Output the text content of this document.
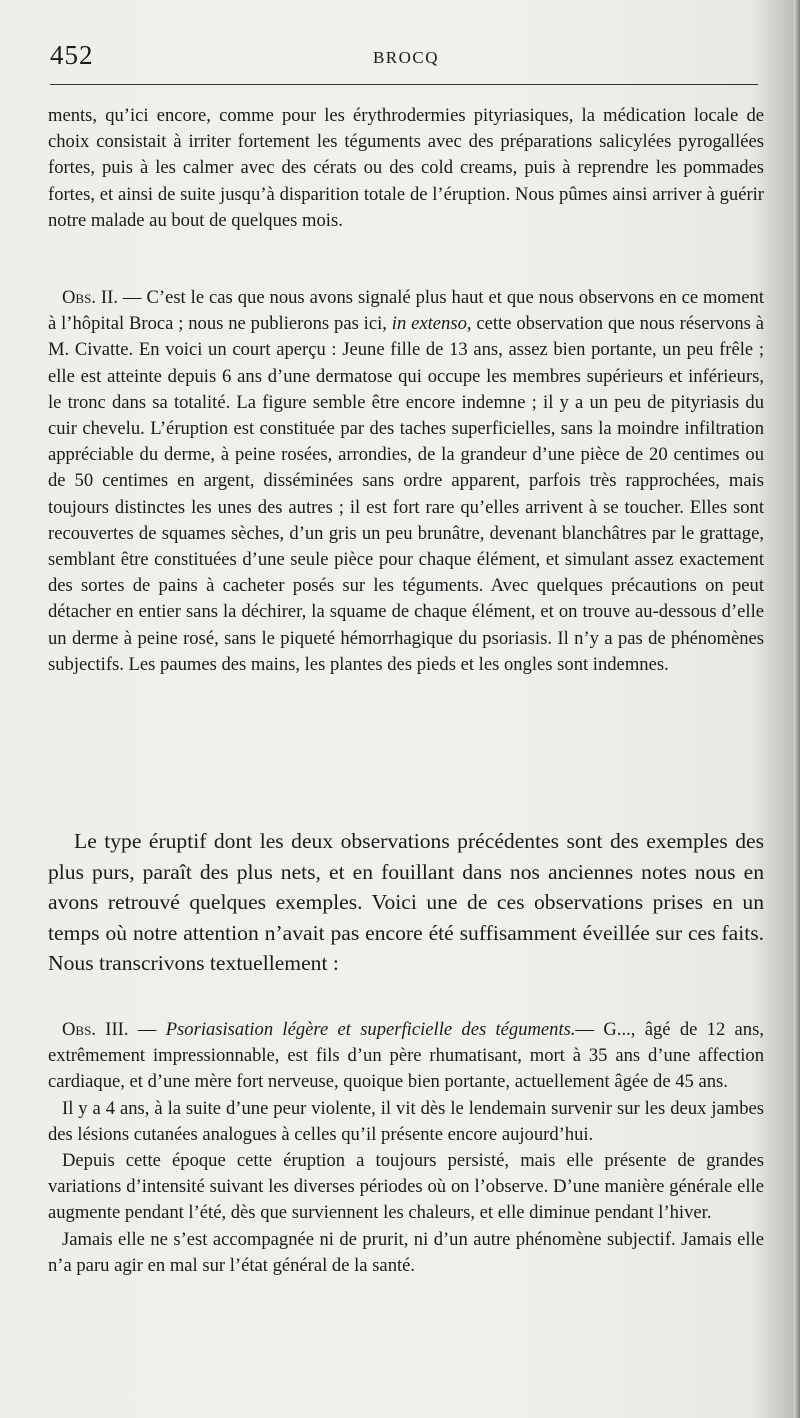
452	BROCQ

ments, qu’ici encore, comme pour les érythrodermies pityriasiques, la médication locale de choix consistait à irriter fortement les téguments avec des préparations salicylées pyrogallées fortes, puis à les calmer avec des cérats ou des cold creams, puis à reprendre les pommades fortes, et ainsi de suite jusqu’à disparition totale de l’éruption. Nous pûmes ainsi arriver à guérir notre malade au bout de quelques mois.

Obs. II. — C’est le cas que nous avons signalé plus haut et que nous observons en ce moment à l’hôpital Broca ; nous ne publierons pas ici, in extenso, cette observation que nous réservons à M. Civatte. En voici un court aperçu : Jeune fille de 13 ans, assez bien portante, un peu frêle ; elle est atteinte depuis 6 ans d’une dermatose qui occupe les membres supérieurs et inférieurs, le tronc dans sa totalité. La figure semble être encore indemne ; il y a un peu de pityriasis du cuir chevelu. L’éruption est constituée par des taches superficielles, sans la moindre infiltration appréciable du derme, à peine rosées, arrondies, de la grandeur d’une pièce de 20 centimes ou de 50 centimes en argent, disséminées sans ordre apparent, parfois très rapprochées, mais toujours distinctes les unes des autres ; il est fort rare qu’elles arrivent à se toucher. Elles sont recouvertes de squames sèches, d’un gris un peu brunâtre, devenant blanchâtres par le grattage, semblant être constituées d’une seule pièce pour chaque élément, et simulant assez exactement des sortes de pains à cacheter posés sur les téguments. Avec quelques précautions on peut détacher en entier sans la déchirer, la squame de chaque élément, et on trouve au-dessous d’elle un derme à peine rosé, sans le piqueté hémorrhagique du psoriasis. Il n’y a pas de phénomènes subjectifs. Les paumes des mains, les plantes des pieds et les ongles sont indemnes.

Le type éruptif dont les deux observations précédentes sont des exemples des plus purs, paraît des plus nets, et en fouillant dans nos anciennes notes nous en avons retrouvé quelques exemples. Voici une de ces observations prises en un temps où notre attention n’avait pas encore été suffisamment éveillée sur ces faits. Nous transcrivons textuellement :

Obs. III. — Psoriasisation légère et superficielle des téguments.— G..., âgé de 12 ans, extrêmement impressionnable, est fils d’un père rhumatisant, mort à 35 ans d’une affection cardiaque, et d’une mère fort nerveuse, quoique bien portante, actuellement âgée de 45 ans.

Il y a 4 ans, à la suite d’une peur violente, il vit dès le lendemain survenir sur les deux jambes des lésions cutanées analogues à celles qu’il présente encore aujourd’hui.

Depuis cette époque cette éruption a toujours persisté, mais elle présente de grandes variations d’intensité suivant les diverses périodes où on l’observe. D’une manière générale elle augmente pendant l’été, dès que surviennent les chaleurs, et elle diminue pendant l’hiver.

Jamais elle ne s’est accompagnée ni de prurit, ni d’un autre phénomène subjectif. Jamais elle n’a paru agir en mal sur l’état général de la santé.
